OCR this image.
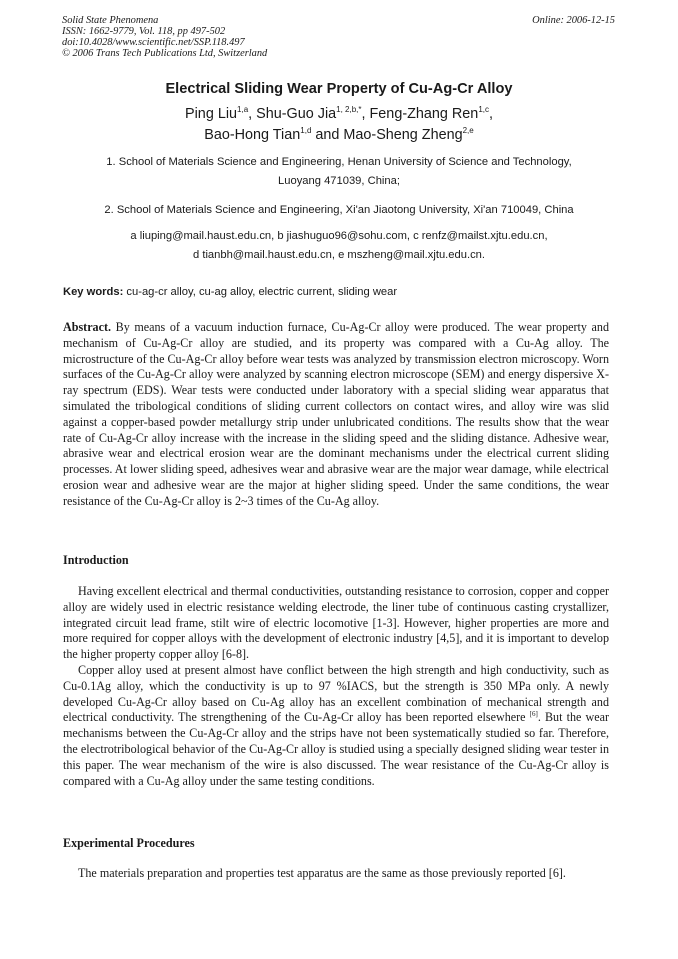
Solid State Phenomena
ISSN: 1662-9779, Vol. 118, pp 497-502
doi:10.4028/www.scientific.net/SSP.118.497
© 2006 Trans Tech Publications Ltd, Switzerland
Online: 2006-12-15
Electrical Sliding Wear Property of Cu-Ag-Cr Alloy
Ping Liu$^{1,a}$, Shu-Guo Jia$^{1, 2,b,*}$, Feng-Zhang Ren$^{1,c}$,
Bao-Hong Tian$^{1,d}$ and Mao-Sheng Zheng$^{2,e}$
1. School of Materials Science and Engineering, Henan University of Science and Technology,
Luoyang 471039, China;
2. School of Materials Science and Engineering, Xi'an Jiaotong University, Xi'an 710049, China
a liuping@mail.haust.edu.cn, b jiashuguo96@sohu.com, c renfz@mailst.xjtu.edu.cn,
d tianbh@mail.haust.edu.cn, e mszheng@mail.xjtu.edu.cn.
Key words: cu-ag-cr alloy, cu-ag alloy, electric current, sliding wear
Abstract. By means of a vacuum induction furnace, Cu-Ag-Cr alloy were produced. The wear property and mechanism of Cu-Ag-Cr alloy are studied, and its property was compared with a Cu-Ag alloy. The microstructure of the Cu-Ag-Cr alloy before wear tests was analyzed by transmission electron microscopy. Worn surfaces of the Cu-Ag-Cr alloy were analyzed by scanning electron microscope (SEM) and energy dispersive X-ray spectrum (EDS). Wear tests were conducted under laboratory with a special sliding wear apparatus that simulated the tribological conditions of sliding current collectors on contact wires, and alloy wire was slid against a copper-based powder metallurgy strip under unlubricated conditions. The results show that the wear rate of Cu-Ag-Cr alloy increase with the increase in the sliding speed and the sliding distance. Adhesive wear, abrasive wear and electrical erosion wear are the dominant mechanisms under the electrical current sliding processes. At lower sliding speed, adhesives wear and abrasive wear are the major wear damage, while electrical erosion wear and adhesive wear are the major at higher sliding speed. Under the same conditions, the wear resistance of the Cu-Ag-Cr alloy is 2~3 times of the Cu-Ag alloy.
Introduction

Having excellent electrical and thermal conductivities, outstanding resistance to corrosion, copper and copper alloy are widely used in electric resistance welding electrode, the liner tube of continuous casting crystallizer, integrated circuit lead frame, stilt wire of electric locomotive [1-3]. However, higher properties are more and more required for copper alloys with the development of electronic industry [4,5], and it is important to develop the higher property copper alloy [6-8].

Copper alloy used at present almost have conflict between the high strength and high conductivity, such as Cu-0.1Ag alloy, which the conductivity is up to 97 %IACS, but the strength is 350 MPa only. A newly developed Cu-Ag-Cr alloy based on Cu-Ag alloy has an excellent combination of mechanical strength and electrical conductivity. The strengthening of the Cu-Ag-Cr alloy has been reported elsewhere [6]. But the wear mechanisms between the Cu-Ag-Cr alloy and the strips have not been systematically studied so far. Therefore, the electrotribological behavior of the Cu-Ag-Cr alloy is studied using a specially designed sliding wear tester in this paper. The wear mechanism of the wire is also discussed. The wear resistance of the Cu-Ag-Cr alloy is compared with a Cu-Ag alloy under the same testing conditions.

Experimental Procedures

The materials preparation and properties test apparatus are the same as those previously reported [6].
